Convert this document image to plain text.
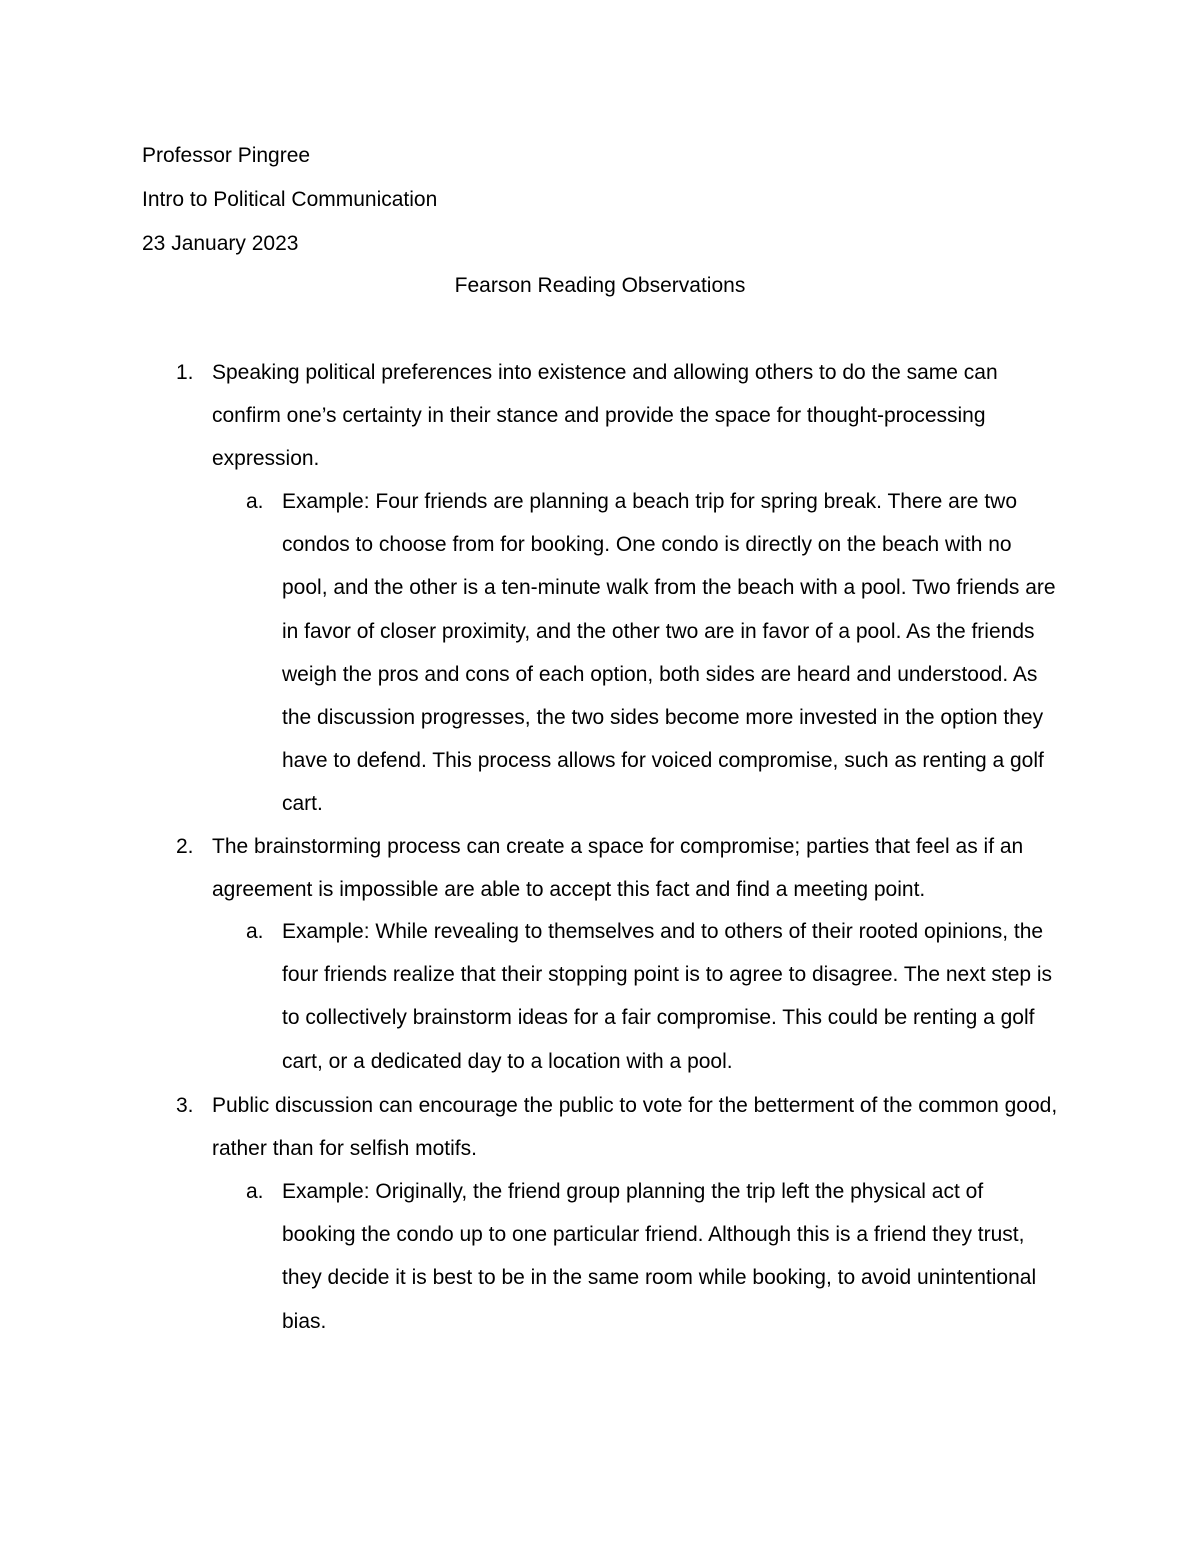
Professor Pingree
Intro to Political Communication
23 January 2023
Fearson Reading Observations
1. Speaking political preferences into existence and allowing others to do the same can confirm one’s certainty in their stance and provide the space for thought-processing expression.
a. Example: Four friends are planning a beach trip for spring break. There are two condos to choose from for booking. One condo is directly on the beach with no pool, and the other is a ten-minute walk from the beach with a pool. Two friends are in favor of closer proximity, and the other two are in favor of a pool. As the friends weigh the pros and cons of each option, both sides are heard and understood. As the discussion progresses, the two sides become more invested in the option they have to defend. This process allows for voiced compromise, such as renting a golf cart.
2. The brainstorming process can create a space for compromise; parties that feel as if an agreement is impossible are able to accept this fact and find a meeting point.
a. Example: While revealing to themselves and to others of their rooted opinions, the four friends realize that their stopping point is to agree to disagree. The next step is to collectively brainstorm ideas for a fair compromise. This could be renting a golf cart, or a dedicated day to a location with a pool.
3. Public discussion can encourage the public to vote for the betterment of the common good, rather than for selfish motifs.
a. Example: Originally, the friend group planning the trip left the physical act of booking the condo up to one particular friend. Although this is a friend they trust, they decide it is best to be in the same room while booking, to avoid unintentional bias.
